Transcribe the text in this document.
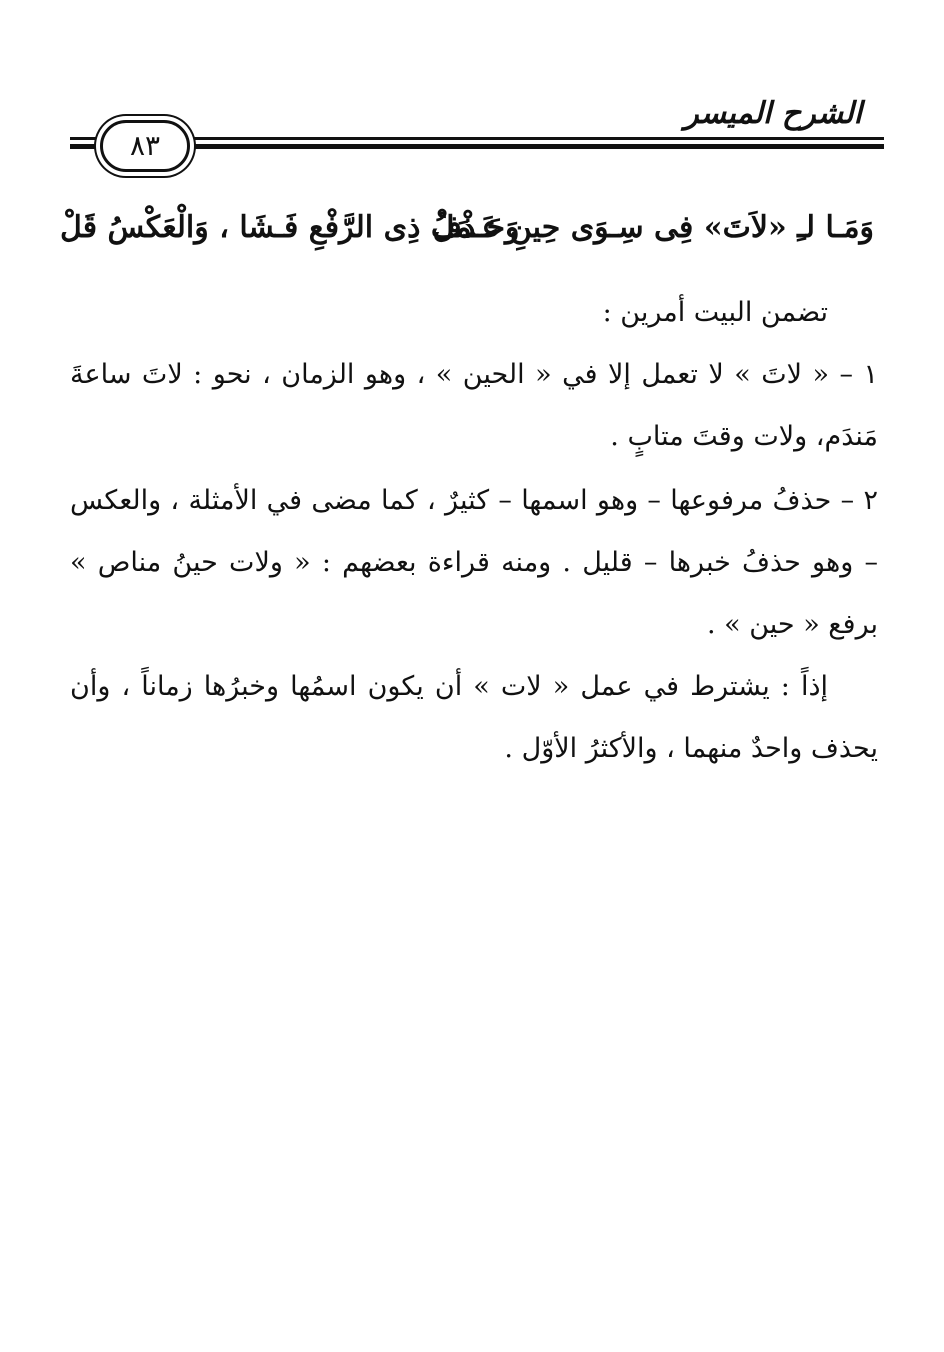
الشرح الميسر
٨٣
وَمَـا لـِ «لاَتَ» فِى سِـوَى حِينِ عَـمَلْ
وَحَـذْفُ ذِى الرَّفْعِ فَـشَا ، وَالْعَكْسُ قَلْ
تضمن البيت أمرين :
١ – « لاتَ » لا تعمل إلا في « الحين » ، وهو الزمان ، نحو : لاتَ ساعةَ مَندَم، ولات وقتَ متابٍ .
٢ – حذفُ مرفوعها – وهو اسمها – كثيرٌ ، كما مضى في الأمثلة ، والعكس – وهو حذفُ خبرها – قليل . ومنه قراءة بعضهم : « ولات حينُ مناص » برفع « حين » .
إذاً : يشترط في عمل « لات » أن يكون اسمُها وخبرُها زماناً ، وأن يحذف واحدٌ منهما ، والأكثرُ الأوّل .
